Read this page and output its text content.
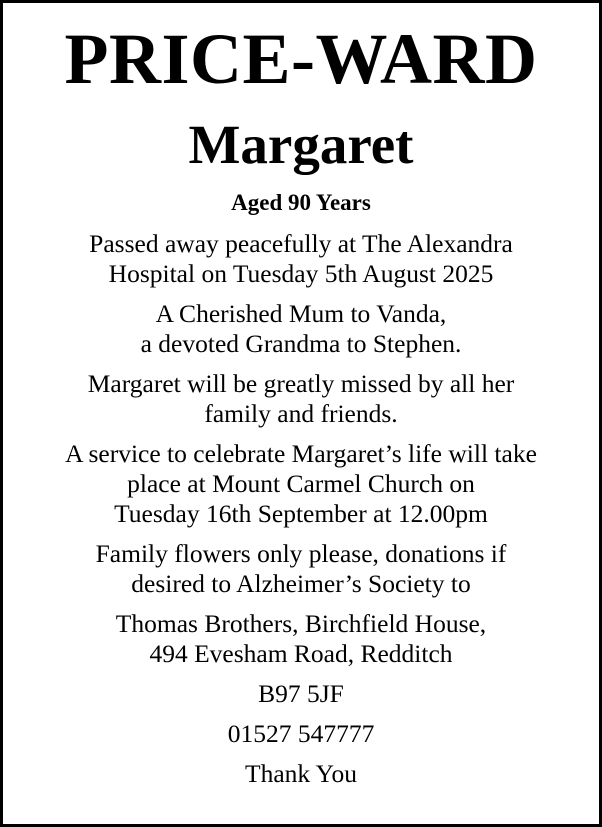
PRICE-WARD
Margaret
Aged 90 Years
Passed away peacefully at The Alexandra
Hospital on Tuesday 5th August 2025
A Cherished Mum to Vanda,
a devoted Grandma to Stephen.
Margaret will be greatly missed by all her
family and friends.
A service to celebrate Margaret’s life will take
place at Mount Carmel Church on
Tuesday 16th September at 12.00pm
Family flowers only please, donations if
desired to Alzheimer’s Society to
Thomas Brothers, Birchfield House,
494 Evesham Road, Redditch
B97 5JF
01527 547777
Thank You
